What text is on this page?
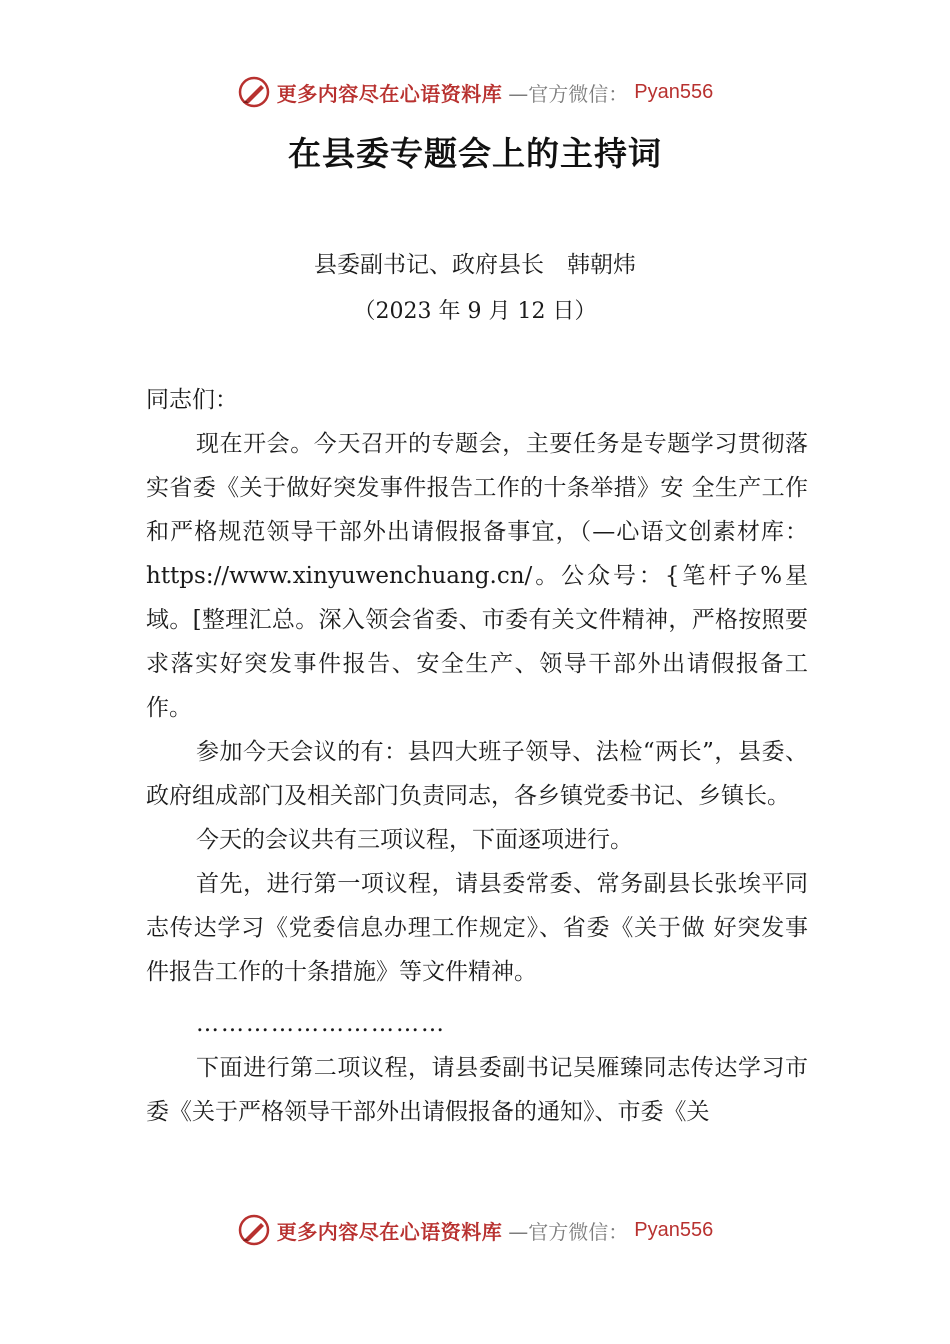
更多内容尽在心语资料库 —官方微信： Pyan556
在县委专题会上的主持词
县委副书记、政府县长　韩朝炜
（2023 年 9 月 12 日）

同志们：

现在开会。今天召开的专题会，主要任务是专题学习贯彻落实省委《关于做好突发事件报告工作的十条举措》安 全生产工作和严格规范领导干部外出请假报备事宜，（—心语文创素材库：https://www.xinyuwenchuang.cn/。公众号：{笔杆子%星域。[整理汇总。深入领会省委、市委有关文件精神，严格按照要求落实好突发事件报告、安全生产、领导干部外出请假报备工作。

参加今天会议的有：县四大班子领导、法检“两长”，县委、政府组成部门及相关部门负责同志，各乡镇党委书记、乡镇长。

今天的会议共有三项议程，下面逐项进行。

首先，进行第一项议程，请县委常委、常务副县长张埃平同志传达学习《党委信息办理工作规定》、省委《关于做 好突发事件报告工作的十条措施》等文件精神。

…………………………

下面进行第二项议程，请县委副书记吴雁臻同志传达学习市委《关于严格领导干部外出请假报备的通知》、市委《关

更多内容尽在心语资料库 —官方微信： Pyan556
